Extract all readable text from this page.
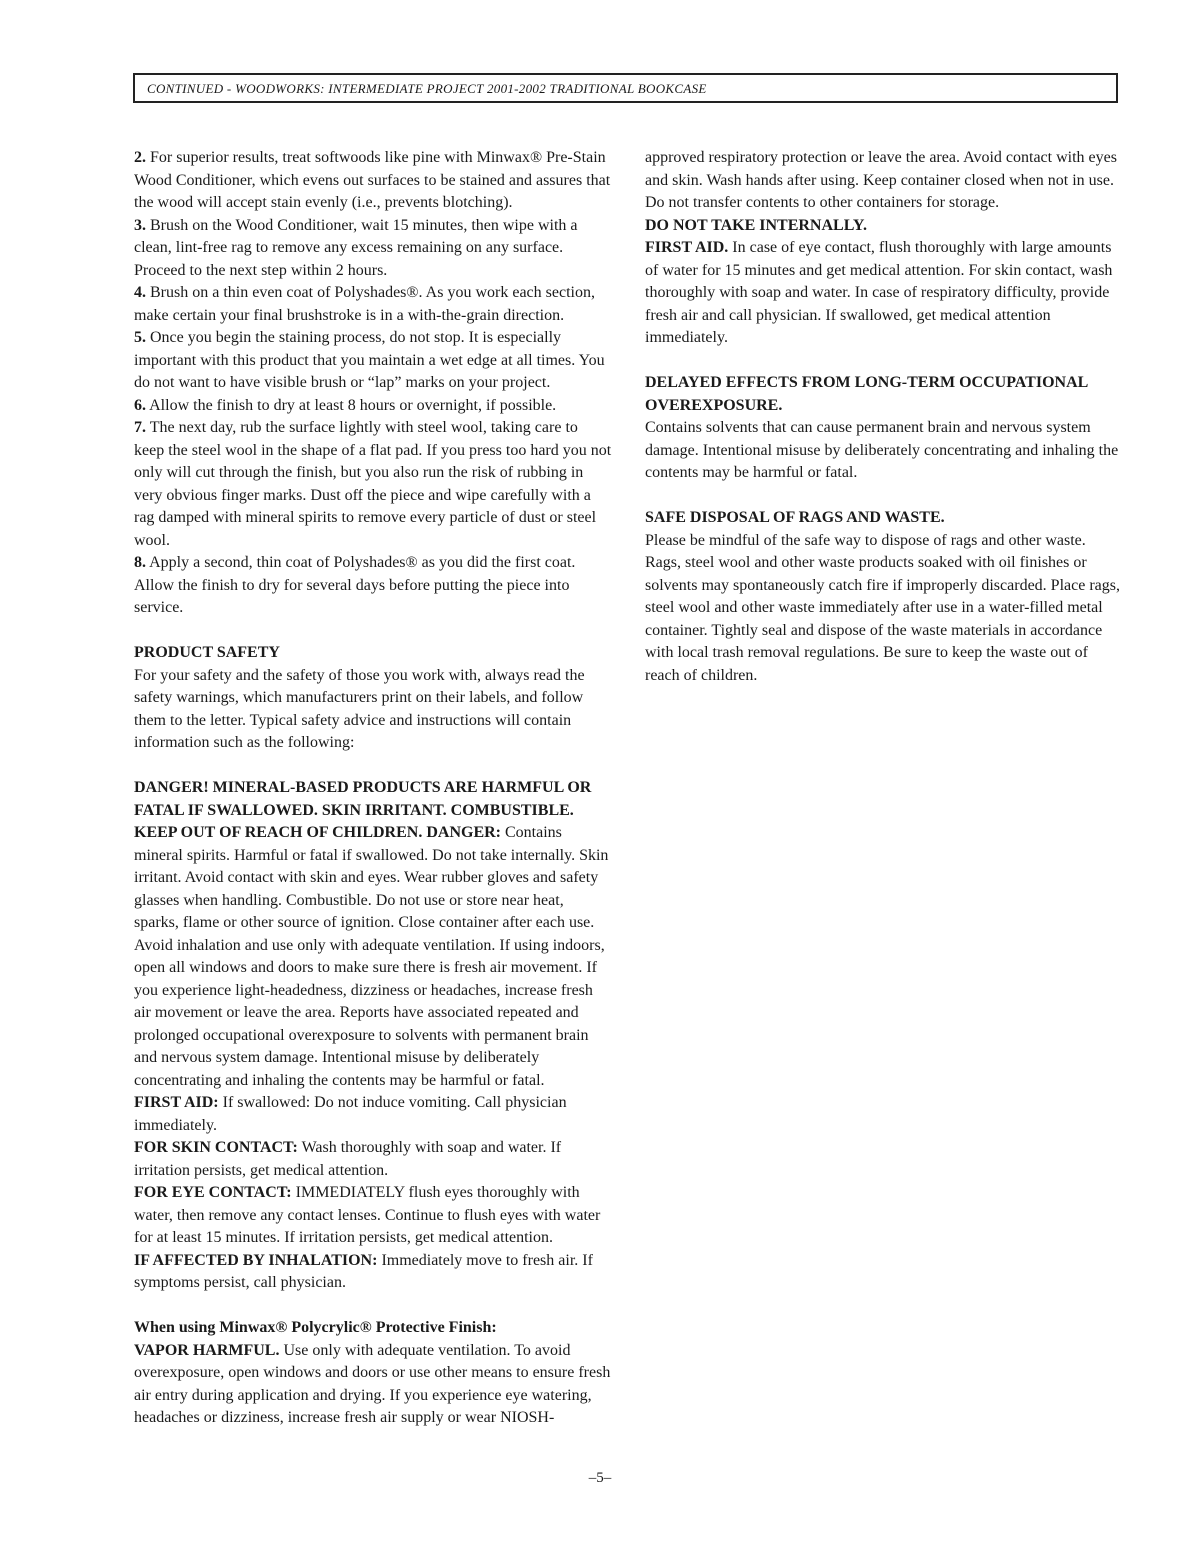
CONTINUED - WOODWORKS: INTERMEDIATE PROJECT 2001-2002 TRADITIONAL BOOKCASE

2. For superior results, treat softwoods like pine with Minwax® Pre-Stain Wood Conditioner, which evens out surfaces to be stained and assures that the wood will accept stain evenly (i.e., prevents blotching).

3. Brush on the Wood Conditioner, wait 15 minutes, then wipe with a clean, lint-free rag to remove any excess remaining on any surface. Proceed to the next step within 2 hours.

4. Brush on a thin even coat of Polyshades®. As you work each section, make certain your final brushstroke is in a with-the-grain direction.

5. Once you begin the staining process, do not stop. It is especially important with this product that you maintain a wet edge at all times. You do not want to have visible brush or “lap” marks on your project.

6. Allow the finish to dry at least 8 hours or overnight, if possible.

7. The next day, rub the surface lightly with steel wool, taking care to keep the steel wool in the shape of a flat pad. If you press too hard you not only will cut through the finish, but you also run the risk of rubbing in very obvious finger marks. Dust off the piece and wipe carefully with a rag damped with mineral spirits to remove every particle of dust or steel wool.

8. Apply a second, thin coat of Polyshades® as you did the first coat. Allow the finish to dry for several days before putting the piece into service.

PRODUCT SAFETY

For your safety and the safety of those you work with, always read the safety warnings, which manufacturers print on their labels, and follow them to the letter. Typical safety advice and instructions will contain information such as the following:

DANGER! MINERAL-BASED PRODUCTS ARE HARMFUL OR FATAL IF SWALLOWED. SKIN IRRITANT. COMBUSTIBLE. KEEP OUT OF REACH OF CHILDREN. DANGER: Contains mineral spirits. Harmful or fatal if swallowed. Do not take internally. Skin irritant. Avoid contact with skin and eyes. Wear rubber gloves and safety glasses when handling. Combustible. Do not use or store near heat, sparks, flame or other source of ignition. Close container after each use. Avoid inhalation and use only with adequate ventilation. If using indoors, open all windows and doors to make sure there is fresh air movement. If you experience light-headedness, dizziness or headaches, increase fresh air movement or leave the area. Reports have associated repeated and prolonged occupational overexposure to solvents with permanent brain and nervous system damage. Intentional misuse by deliberately concentrating and inhaling the contents may be harmful or fatal.

FIRST AID: If swallowed: Do not induce vomiting. Call physician immediately.

FOR SKIN CONTACT: Wash thoroughly with soap and water. If irritation persists, get medical attention.

FOR EYE CONTACT: IMMEDIATELY flush eyes thoroughly with water, then remove any contact lenses. Continue to flush eyes with water for at least 15 minutes. If irritation persists, get medical attention.

IF AFFECTED BY INHALATION: Immediately move to fresh air. If symptoms persist, call physician.

When using Minwax® Polycrylic® Protective Finish:

VAPOR HARMFUL. Use only with adequate ventilation. To avoid overexposure, open windows and doors or use other means to ensure fresh air entry during application and drying. If you experience eye watering, headaches or dizziness, increase fresh air supply or wear NIOSH-

approved respiratory protection or leave the area. Avoid contact with eyes and skin. Wash hands after using. Keep container closed when not in use. Do not transfer contents to other containers for storage.

DO NOT TAKE INTERNALLY.

FIRST AID. In case of eye contact, flush thoroughly with large amounts of water for 15 minutes and get medical attention. For skin contact, wash thoroughly with soap and water. In case of respiratory difficulty, provide fresh air and call physician. If swallowed, get medical attention immediately.

DELAYED EFFECTS FROM LONG-TERM OCCUPATIONAL OVEREXPOSURE.

Contains solvents that can cause permanent brain and nervous system damage. Intentional misuse by deliberately concentrating and inhaling the contents may be harmful or fatal.

SAFE DISPOSAL OF RAGS AND WASTE.

Please be mindful of the safe way to dispose of rags and other waste. Rags, steel wool and other waste products soaked with oil finishes or solvents may spontaneously catch fire if improperly discarded. Place rags, steel wool and other waste immediately after use in a water-filled metal container. Tightly seal and dispose of the waste materials in accordance with local trash removal regulations. Be sure to keep the waste out of reach of children.

–5–
